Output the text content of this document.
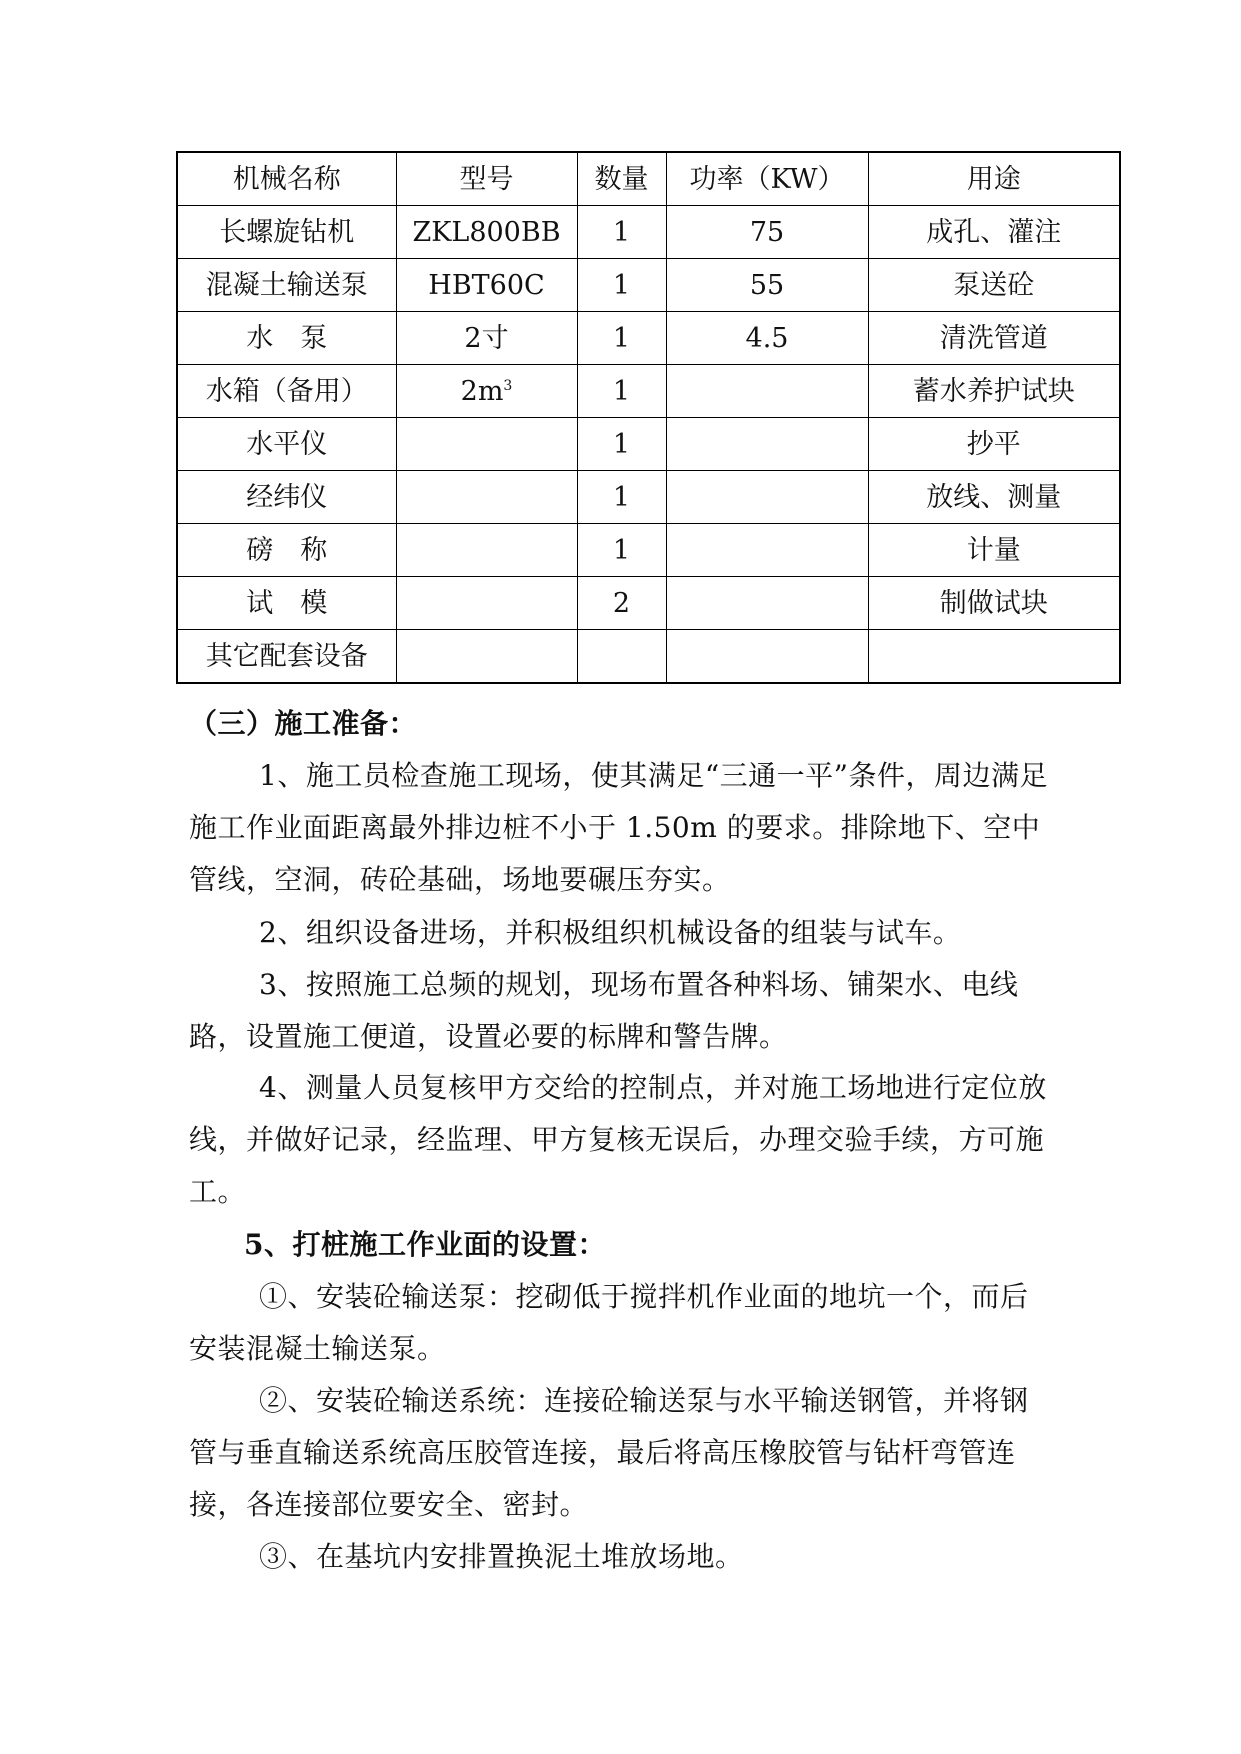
机械名称	型号	数量	功率（KW）	用途
长螺旋钻机	ZKL800BB	1	75	成孔、灌注
混凝土输送泵	HBT60C	1	55	泵送砼
水　泵	2寸	1	4.5	清洗管道
水箱（备用）	$2m^3$	1		蓄水养护试块
水平仪		1		抄平
经纬仪		1		放线、测量
磅　称		1		计量
试　模		2		制做试块
其它配套设备				
（三）施工准备：

1、施工员检查施工现场，使其满足“三通一平”条件，周边满足施工作业面距离最外排边桩不小于 1.50m 的要求。排除地下、空中管线，空洞，砖砼基础，场地要碾压夯实。

2、组织设备进场，并积极组织机械设备的组装与试车。

3、按照施工总频的规划，现场布置各种料场、铺架水、电线路，设置施工便道，设置必要的标牌和警告牌。

4、测量人员复核甲方交给的控制点，并对施工场地进行定位放线，并做好记录，经监理、甲方复核无误后，办理交验手续，方可施工。

5、打桩施工作业面的设置：

①、安装砼输送泵：挖砌低于搅拌机作业面的地坑一个，而后安装混凝土输送泵。

②、安装砼输送系统：连接砼输送泵与水平输送钢管，并将钢管与垂直输送系统高压胶管连接，最后将高压橡胶管与钻杆弯管连接，各连接部位要安全、密封。

③、在基坑内安排置换泥土堆放场地。
